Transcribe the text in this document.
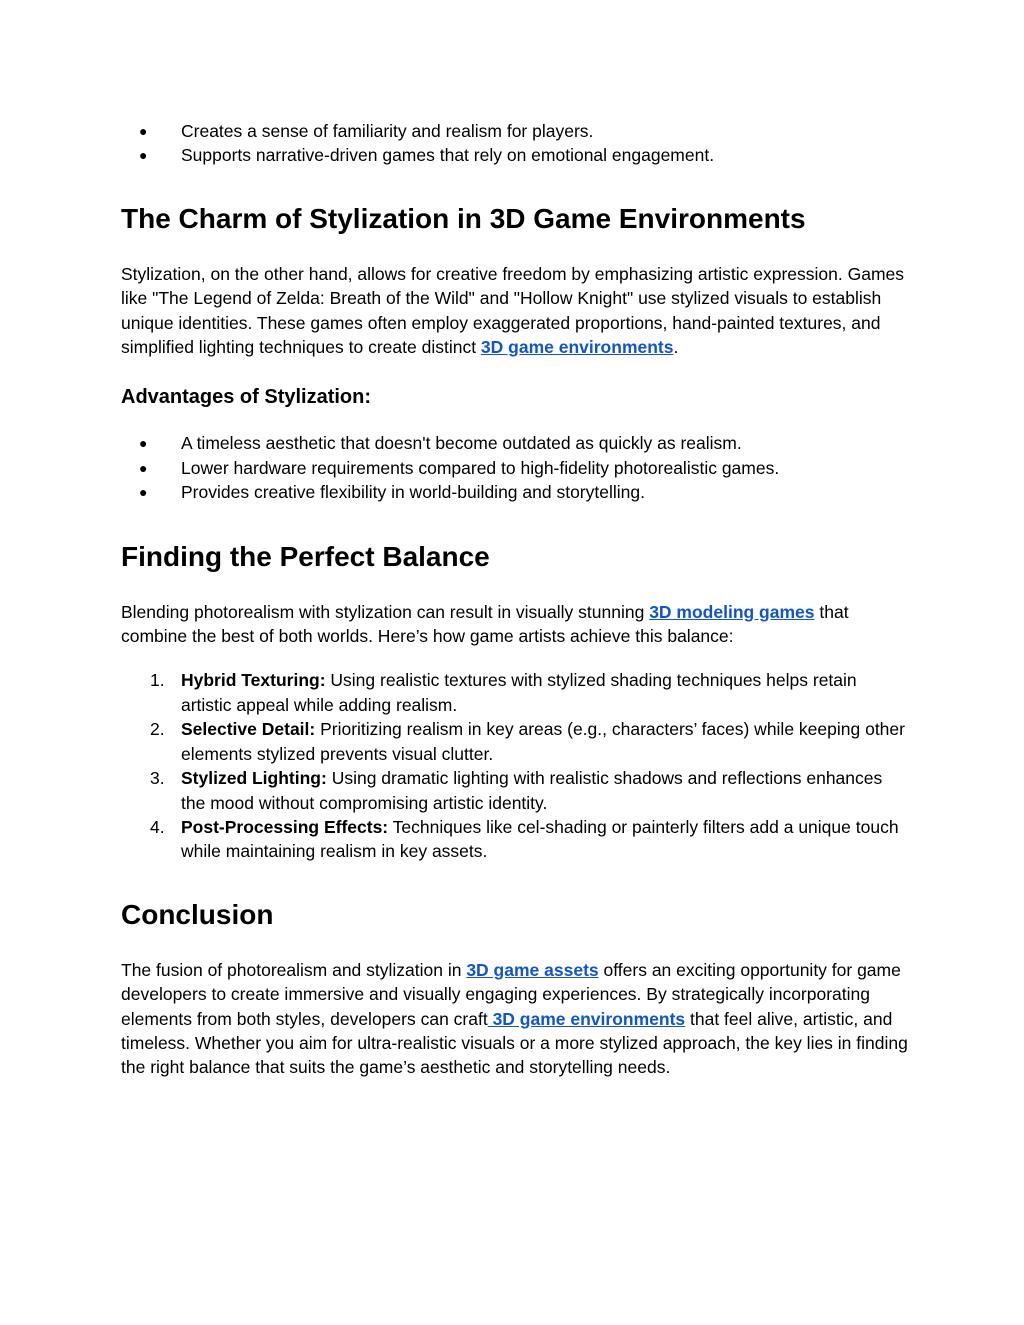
● Creates a sense of familiarity and realism for players.
● Supports narrative-driven games that rely on emotional engagement.
The Charm of Stylization in 3D Game Environments

Stylization, on the other hand, allows for creative freedom by emphasizing artistic expression. Games like "The Legend of Zelda: Breath of the Wild" and "Hollow Knight" use stylized visuals to establish unique identities. These games often employ exaggerated proportions, hand-painted textures, and simplified lighting techniques to create distinct 3D game environments.

Advantages of Stylization:
● A timeless aesthetic that doesn't become outdated as quickly as realism.
● Lower hardware requirements compared to high-fidelity photorealistic games.
● Provides creative flexibility in world-building and storytelling.
Finding the Perfect Balance

Blending photorealism with stylization can result in visually stunning 3D modeling games that combine the best of both worlds. Here’s how game artists achieve this balance:

1. Hybrid Texturing: Using realistic textures with stylized shading techniques helps retain artistic appeal while adding realism.
2. Selective Detail: Prioritizing realism in key areas (e.g., characters’ faces) while keeping other elements stylized prevents visual clutter.
3. Stylized Lighting: Using dramatic lighting with realistic shadows and reflections enhances the mood without compromising artistic identity.
4. Post-Processing Effects: Techniques like cel-shading or painterly filters add a unique touch while maintaining realism in key assets.
Conclusion

The fusion of photorealism and stylization in 3D game assets offers an exciting opportunity for game developers to create immersive and visually engaging experiences. By strategically incorporating elements from both styles, developers can craft 3D game environments that feel alive, artistic, and timeless. Whether you aim for ultra-realistic visuals or a more stylized approach, the key lies in finding the right balance that suits the game’s aesthetic and storytelling needs.
